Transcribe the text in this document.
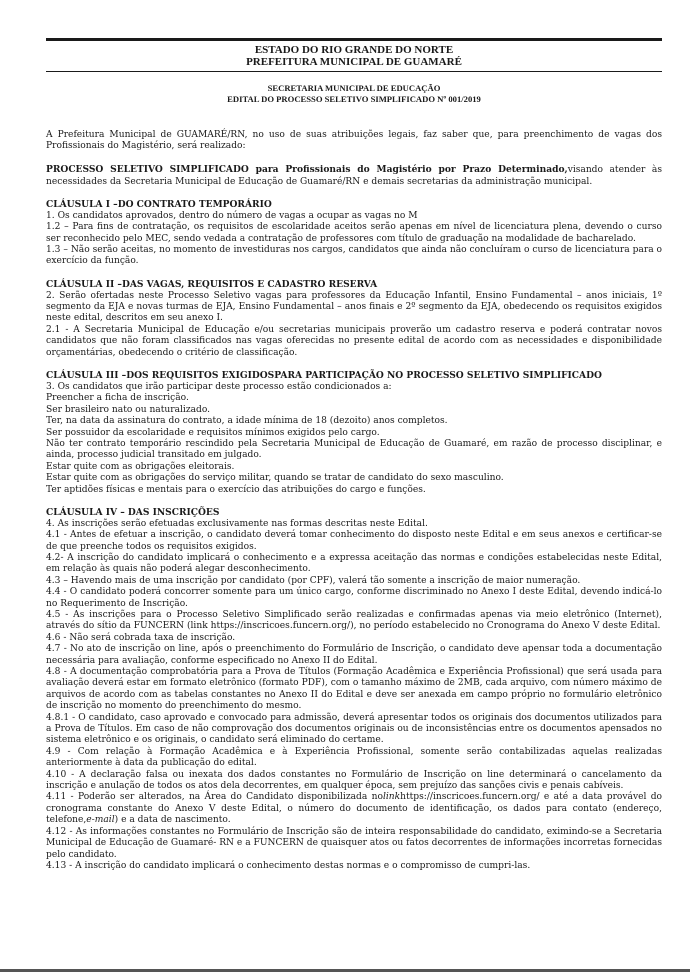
ESTADO DO RIO GRANDE DO NORTE
PREFEITURA MUNICIPAL DE GUAMARÉ
SECRETARIA MUNICIPAL DE EDUCAÇÃO
EDITAL DO PROCESSO SELETIVO SIMPLIFICADO Nº 001/2019

A Prefeitura Municipal de GUAMARÉ/RN, no uso de suas atribuições legais, faz saber que, para preenchimento de vagas dos Profissionais do Magistério, será realizado:

PROCESSO SELETIVO SIMPLIFICADO para Profissionais do Magistério por Prazo Determinado,visando atender às necessidades da Secretaria Municipal de Educação de Guamaré/RN e demais secretarias da administração municipal.

CLÁUSULA I –DO CONTRATO TEMPORÁRIO

1. Os candidatos aprovados, dentro do número de vagas a ocupar as vagas no M

1.2 – Para fins de contratação, os requisitos de escolaridade aceitos serão apenas em nível de licenciatura plena, devendo o curso ser reconhecido pelo MEC, sendo vedada a contratação de professores com título de graduação na modalidade de bacharelado.

1.3 – Não serão aceitas, no momento de investiduras nos cargos, candidatos que ainda não concluíram o curso de licenciatura para o exercício da função.

CLÁUSULA II –DAS VAGAS, REQUISITOS E CADASTRO RESERVA

2. Serão ofertadas neste Processo Seletivo vagas para professores da Educação Infantil, Ensino Fundamental – anos iniciais, 1º segmento da EJA e novas turmas de EJA, Ensino Fundamental – anos finais e 2º segmento da EJA, obedecendo os requisitos exigidos neste edital, descritos em seu anexo I.

2.1 - A Secretaria Municipal de Educação e/ou secretarias municipais proverão um cadastro reserva e poderá contratar novos candidatos que não foram classificados nas vagas oferecidas no presente edital de acordo com as necessidades e disponibilidade orçamentárias, obedecendo o critério de classificação.

CLÁUSULA III –DOS REQUISITOS EXIGIDOSPARA PARTICIPAÇÃO NO PROCESSO SELETIVO SIMPLIFICADO

3. Os candidatos que irão participar deste processo estão condicionados a:

Preencher a ficha de inscrição.

Ser brasileiro nato ou naturalizado.

Ter, na data da assinatura do contrato, a idade mínima de 18 (dezoito) anos completos.

Ser possuidor da escolaridade e requisitos mínimos exigidos pelo cargo.

Não ter contrato temporário rescindido pela Secretaria Municipal de Educação de Guamaré, em razão de processo disciplinar, e ainda, processo judicial transitado em julgado.

Estar quite com as obrigações eleitorais.

Estar quite com as obrigações do serviço militar, quando se tratar de candidato do sexo masculino.

Ter aptidões físicas e mentais para o exercício das atribuições do cargo e funções.

CLÁUSULA IV – DAS INSCRIÇÕES

4. As inscrições serão efetuadas exclusivamente nas formas descritas neste Edital.

4.1 - Antes de efetuar a inscrição, o candidato deverá tomar conhecimento do disposto neste Edital e em seus anexos e certificar-se de que preenche todos os requisitos exigidos.

4.2- A inscrição do candidato implicará o conhecimento e a expressa aceitação das normas e condições estabelecidas neste Edital, em relação às quais não poderá alegar desconhecimento.

4.3 – Havendo mais de uma inscrição por candidato (por CPF), valerá tão somente a inscrição de maior numeração.

4.4 - O candidato poderá concorrer somente para um único cargo, conforme discriminado no Anexo I deste Edital, devendo indicá-lo no Requerimento de Inscrição.

4.5 - As inscrições para o Processo Seletivo Simplificado serão realizadas e confirmadas apenas via meio eletrônico (Internet), através do sítio da FUNCERN (link https://inscricoes.funcern.org/), no período estabelecido no Cronograma do Anexo V deste Edital.

4.6 - Não será cobrada taxa de inscrição.

4.7 - No ato de inscrição on line, após o preenchimento do Formulário de Inscrição, o candidato deve apensar toda a documentação necessária para avaliação, conforme especificado no Anexo II do Edital.

4.8 - A documentação comprobatória para a Prova de Títulos (Formação Acadêmica e Experiência Profissional) que será usada para avaliação deverá estar em formato eletrônico (formato PDF), com o tamanho máximo de 2MB, cada arquivo, com número máximo de arquivos de acordo com as tabelas constantes no Anexo II do Edital e deve ser anexada em campo próprio no formulário eletrônico de inscrição no momento do preenchimento do mesmo.

4.8.1 - O candidato, caso aprovado e convocado para admissão, deverá apresentar todos os originais dos documentos utilizados para a Prova de Títulos. Em caso de não comprovação dos documentos originais ou de inconsistências entre os documentos apensados no sistema eletrônico e os originais, o candidato será eliminado do certame.

4.9 - Com relação à Formação Acadêmica e à Experiência Profissional, somente serão contabilizadas aquelas realizadas anteriormente à data da publicação do edital.

4.10 - A declaração falsa ou inexata dos dados constantes no Formulário de Inscrição on line determinará o cancelamento da inscrição e anulação de todos os atos dela decorrentes, em qualquer época, sem prejuízo das sanções civis e penais cabíveis.

4.11 - Poderão ser alterados, na Área do Candidato disponibilizada nolinkhttps://inscricoes.funcern.org/ e até a data provável do cronograma constante do Anexo V deste Edital, o número do documento de identificação, os dados para contato (endereço, telefone,e-mail) e a data de nascimento.

4.12 - As informações constantes no Formulário de Inscrição são de inteira responsabilidade do candidato, eximindo-se a Secretaria Municipal de Educação de Guamaré- RN e a FUNCERN de quaisquer atos ou fatos decorrentes de informações incorretas fornecidas pelo candidato.

4.13 - A inscrição do candidato implicará o conhecimento destas normas e o compromisso de cumpri-las.
